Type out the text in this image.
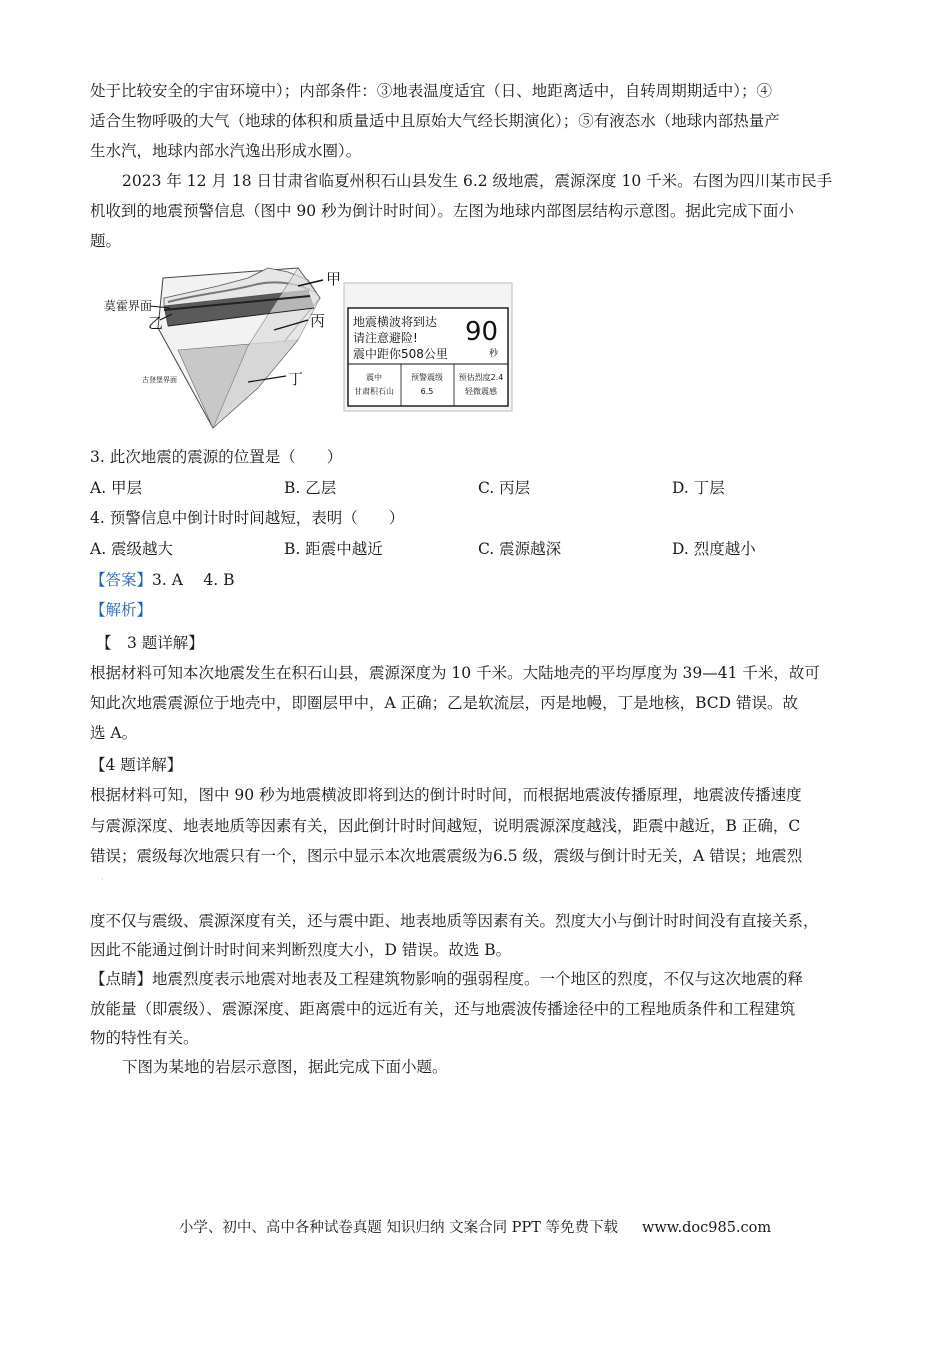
处于比较安全的宇宙环境中）；内部条件：③地表温度适宜（日、地距离适中，自转周期期适中）；④
适合生物呼吸的大气（地球的体积和质量适中且原始大气经长期演化）；⑤有液态水（地球内部热量产
生水汽，地球内部水汽逸出形成水圈）。
2023 年 12 月 18 日甘肃省临夏州积石山县发生 6.2 级地震，震源深度 10 千米。右图为四川某市民手
机收到的地震预警信息（图中 90 秒为倒计时时间）。左图为地球内部图层结构示意图。据此完成下面小
题。
甲
莫霍界面
乙	丙
古登堡界面	丁
地震横波将到达
请注意避险!
震中距你508公里
90
秒
震中
甘肃积石山
预警震级
6.5
预估烈度2.4
轻微震感
3. 此次地震的震源的位置是（　　）
A. 甲层	B. 乙层	C. 丙层	D. 丁层
4. 预警信息中倒计时时间越短，表明（　　）
A. 震级越大	B. 距震中越近	C. 震源越深	D. 烈度越小
【答案】3. A　 4. B
【解析】
【　3 题详解】
根据材料可知本次地震发生在积石山县，震源深度为 10 千米。大陆地壳的平均厚度为 39—41 千米，故可
知此次地震震源位于地壳中，即圈层甲中，A 正确；乙是软流层，丙是地幔，丁是地核，BCD 错误。故
选 A。
【4 题详解】
根据材料可知，图中 90 秒为地震横波即将到达的倒计时时间，而根据地震波传播原理，地震波传播速度
与震源深度、地表地质等因素有关，因此倒计时时间越短，说明震源深度越浅，距震中越近，B 正确，C
错误；震级每次地震只有一个，图示中显示本次地震震级为6.5 级，震级与倒计时无关，A 错误；地震烈
·
度不仅与震级、震源深度有关，还与震中距、地表地质等因素有关。烈度大小与倒计时时间没有直接关系，
因此不能通过倒计时时间来判断烈度大小，D 错误。故选 B。
【点睛】地震烈度表示地震对地表及工程建筑物影响的强弱程度。一个地区的烈度，不仅与这次地震的释
放能量（即震级）、震源深度、距离震中的远近有关，还与地震波传播途径中的工程地质条件和工程建筑
物的特性有关。
下图为某地的岩层示意图，据此完成下面小题。
小学、初中、高中各种试卷真题 知识归纳 文案合同 PPT 等免费下载 www.doc985.com
